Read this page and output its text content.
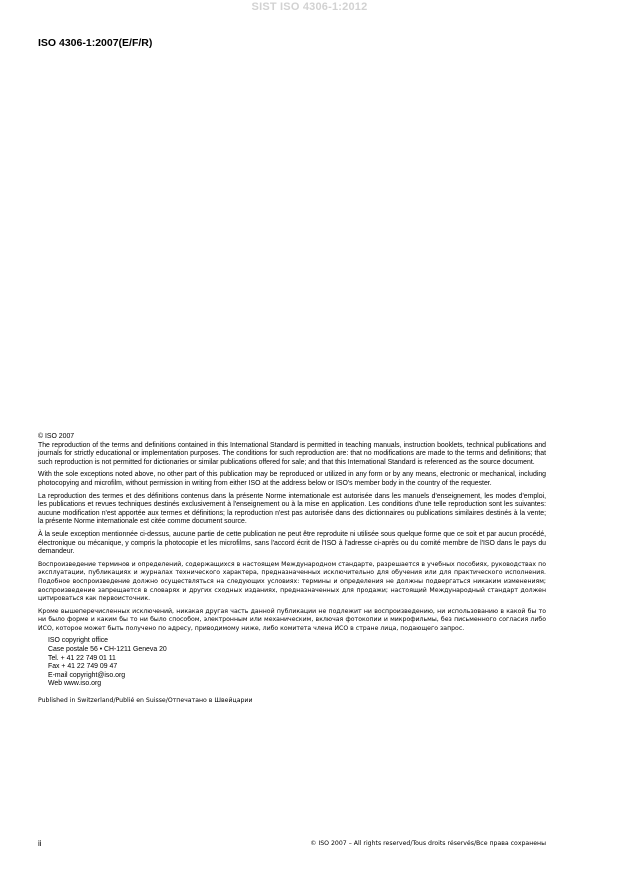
SIST ISO 4306-1:2012
ISO 4306-1:2007(E/F/R)

© ISO 2007

The reproduction of the terms and definitions contained in this International Standard is permitted in teaching manuals, instruction booklets, technical publications and journals for strictly educational or implementation purposes. The conditions for such reproduction are: that no modifications are made to the terms and definitions; that such reproduction is not permitted for dictionaries or similar publications offered for sale; and that this International Standard is referenced as the source document.

With the sole exceptions noted above, no other part of this publication may be reproduced or utilized in any form or by any means, electronic or mechanical, including photocopying and microfilm, without permission in writing from either ISO at the address below or ISO's member body in the country of the requester.

La reproduction des termes et des définitions contenus dans la présente Norme internationale est autorisée dans les manuels d'enseignement, les modes d'emploi, les publications et revues techniques destinés exclusivement à l'enseignement ou à la mise en application. Les conditions d'une telle reproduction sont les suivantes: aucune modification n'est apportée aux termes et définitions; la reproduction n'est pas autorisée dans des dictionnaires ou publications similaires destinés à la vente; la présente Norme internationale est citée comme document source.

À la seule exception mentionnée ci-dessus, aucune partie de cette publication ne peut être reproduite ni utilisée sous quelque forme que ce soit et par aucun procédé, électronique ou mécanique, y compris la photocopie et les microfilms, sans l'accord écrit de l'ISO à l'adresse ci-après ou du comité membre de l'ISO dans le pays du demandeur.

Воспроизведение терминов и определений, содержащихся в настоящем Международном стандарте, разрешается в учебных пособиях, руководствах по эксплуатации, публикациях и журналах технического характера, предназначенных исключительно для обучения или для практического исполнения. Подобное воспроизведение должно осуществляться на следующих условиях: термины и определения не должны подвергаться никаким изменениям; воспроизведение запрещается в словарях и других сходных изданиях, предназначенных для продажи; настоящий Международный стандарт должен цитироваться как первоисточник.

Кроме вышеперечисленных исключений, никакая другая часть данной публикации не подлежит ни воспроизведению, ни использованию в какой бы то ни было форме и каким бы то ни было способом, электронным или механическим, включая фотокопии и микрофильмы, без письменного согласия либо ИСО, которое может быть получено по адресу, приводимому ниже, либо комитета члена ИСО в стране лица, подающего запрос.

ISO copyright office
Case postale 56 • CH-1211 Geneva 20
Tel. + 41 22 749 01 11
Fax + 41 22 749 09 47
E-mail copyright@iso.org
Web www.iso.org
Published in Switzerland/Publié en Suisse/Отпечатано в Швейцарии
ii	© ISO 2007 – All rights reserved/Tous droits réservés/Все права сохранены
